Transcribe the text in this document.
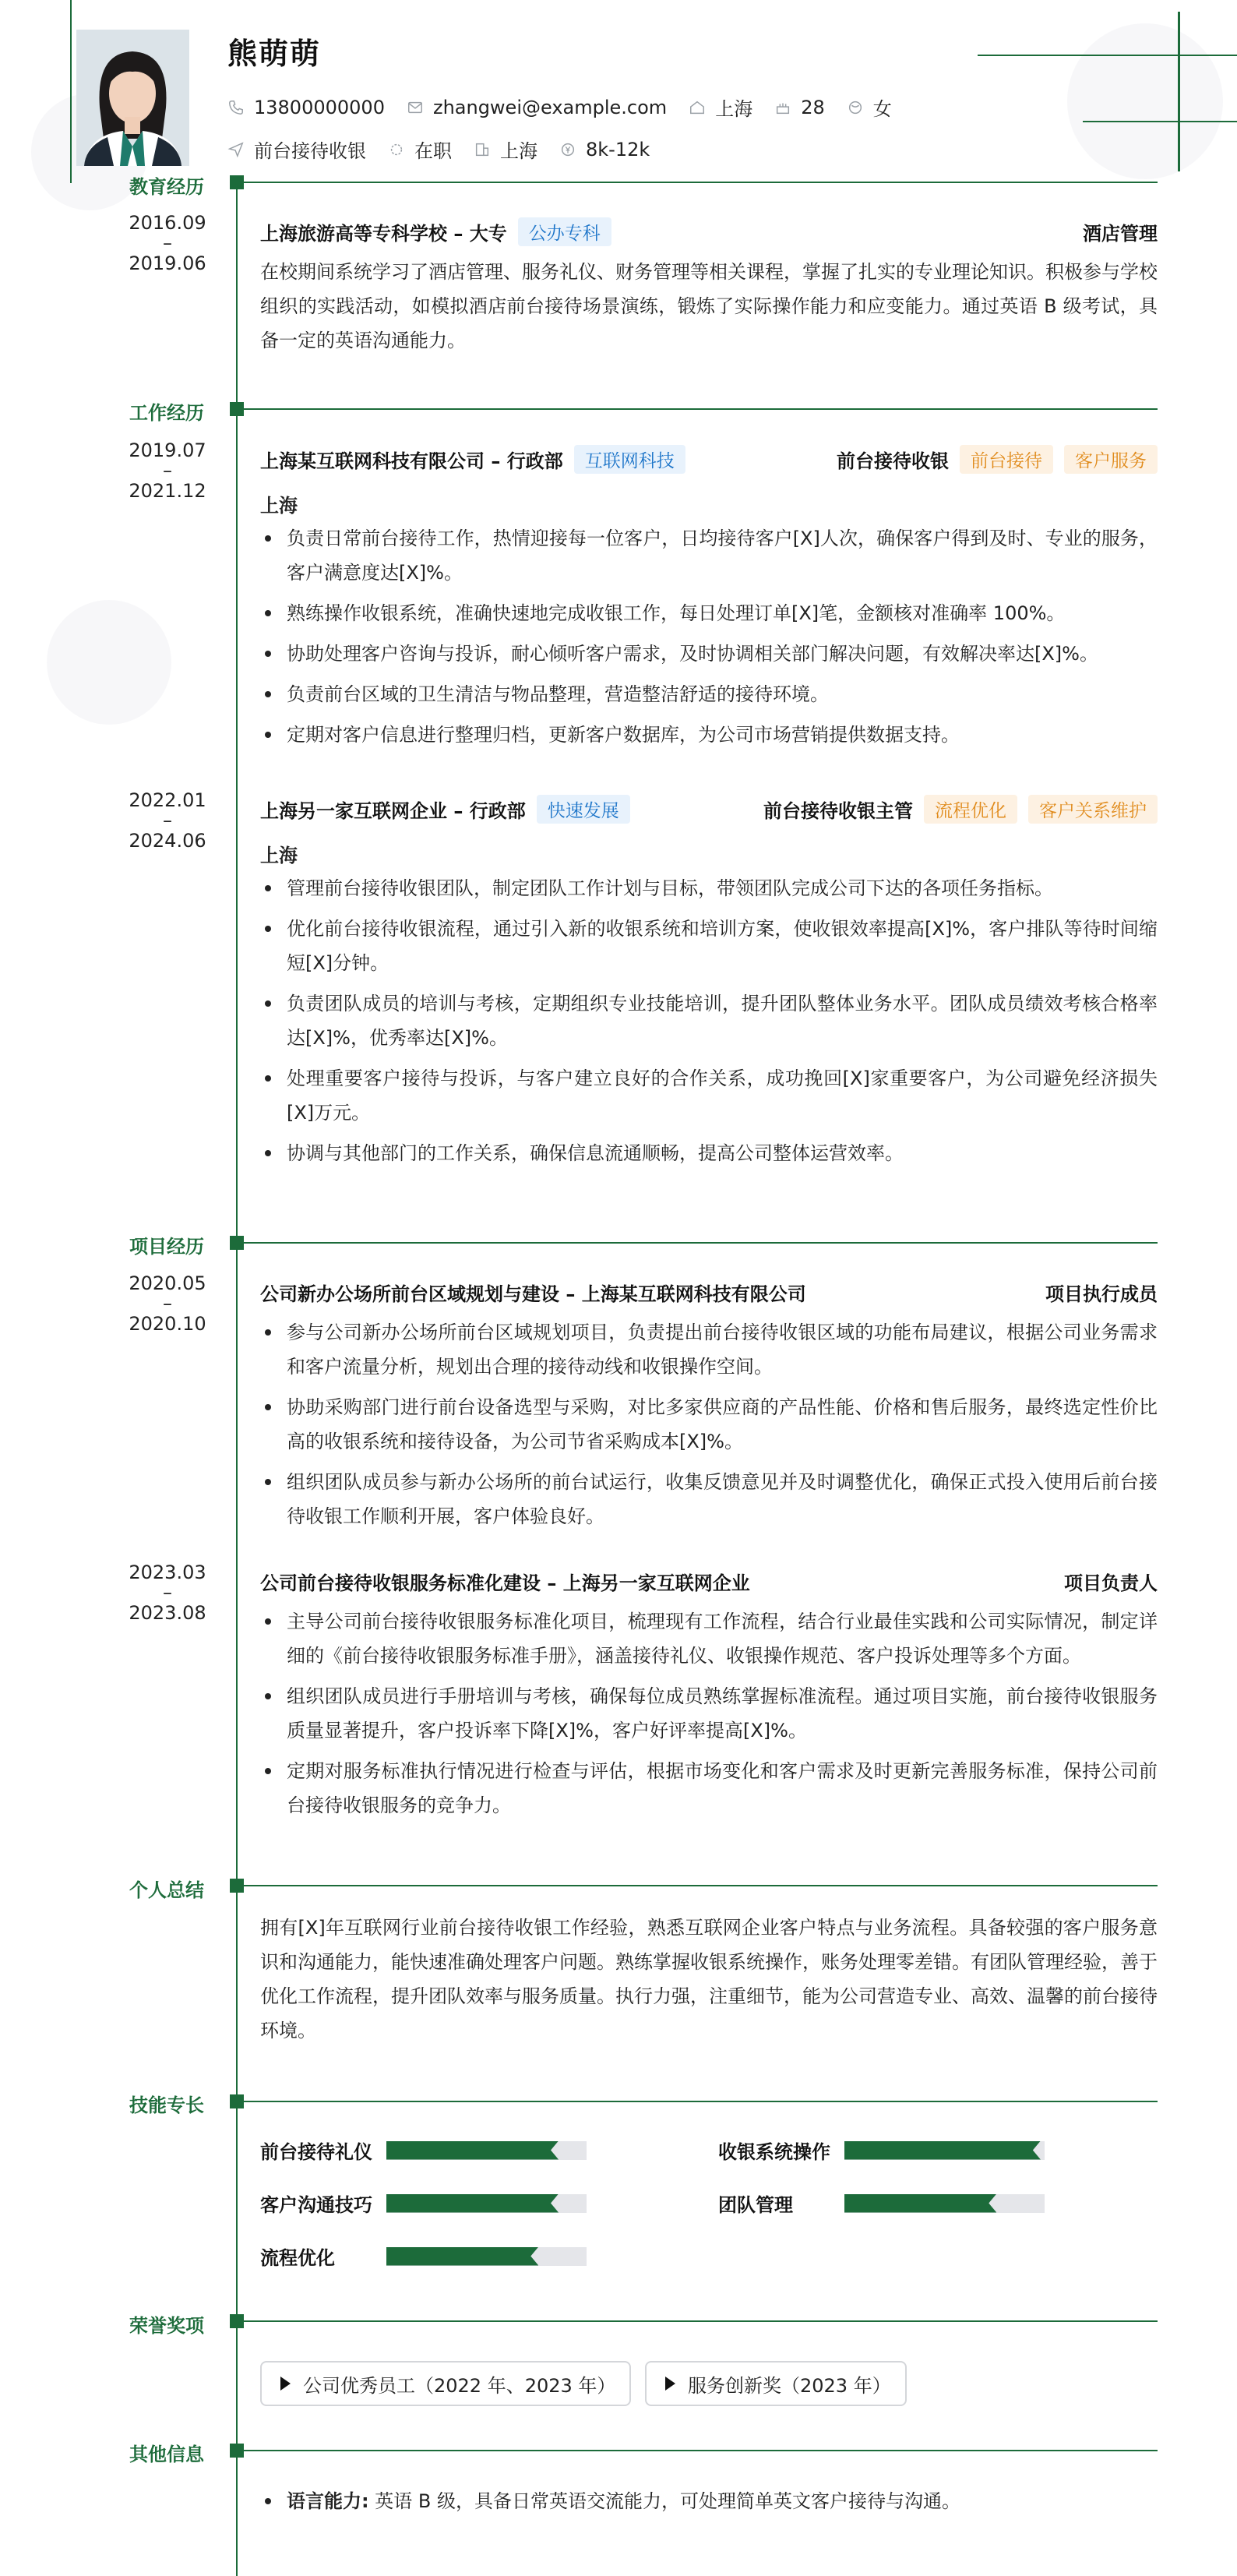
熊萌萌
13800000000	zhangwei@example.com	上海	28	女
前台接待收银	在职	上海	8k-12k
教育经历
2016.09
–
2019.06
上海旅游高等专科学校 – 大专	公办专科	酒店管理
在校期间系统学习了酒店管理、服务礼仪、财务管理等相关课程，掌握了扎实的专业理论知识。积极参与学校组织的实践活动，如模拟酒店前台接待场景演练，锻炼了实际操作能力和应变能力。通过英语 B 级考试，具备一定的英语沟通能力。
工作经历
2019.07
–
2021.12
上海某互联网科技有限公司 – 行政部	互联网科技	前台接待收银	前台接待	客户服务
上海
负责日常前台接待工作，热情迎接每一位客户，日均接待客户[X]人次，确保客户得到及时、专业的服务，客户满意度达[X]%。
熟练操作收银系统，准确快速地完成收银工作，每日处理订单[X]笔，金额核对准确率 100%。
协助处理客户咨询与投诉，耐心倾听客户需求，及时协调相关部门解决问题，有效解决率达[X]%。
负责前台区域的卫生清洁与物品整理，营造整洁舒适的接待环境。
定期对客户信息进行整理归档，更新客户数据库，为公司市场营销提供数据支持。
2022.01
–
2024.06
上海另一家互联网企业 – 行政部	快速发展	前台接待收银主管	流程优化	客户关系维护
上海
管理前台接待收银团队，制定团队工作计划与目标，带领团队完成公司下达的各项任务指标。
优化前台接待收银流程，通过引入新的收银系统和培训方案，使收银效率提高[X]%，客户排队等待时间缩短[X]分钟。
负责团队成员的培训与考核，定期组织专业技能培训，提升团队整体业务水平。团队成员绩效考核合格率达[X]%，优秀率达[X]%。
处理重要客户接待与投诉，与客户建立良好的合作关系，成功挽回[X]家重要客户，为公司避免经济损失[X]万元。
协调与其他部门的工作关系，确保信息流通顺畅，提高公司整体运营效率。
项目经历
2020.05
–
2020.10
公司新办公场所前台区域规划与建设 – 上海某互联网科技有限公司	项目执行成员
参与公司新办公场所前台区域规划项目，负责提出前台接待收银区域的功能布局建议，根据公司业务需求和客户流量分析，规划出合理的接待动线和收银操作空间。
协助采购部门进行前台设备选型与采购，对比多家供应商的产品性能、价格和售后服务，最终选定性价比高的收银系统和接待设备，为公司节省采购成本[X]%。
组织团队成员参与新办公场所的前台试运行，收集反馈意见并及时调整优化，确保正式投入使用后前台接待收银工作顺利开展，客户体验良好。
2023.03
–
2023.08
公司前台接待收银服务标准化建设 – 上海另一家互联网企业	项目负责人
主导公司前台接待收银服务标准化项目，梳理现有工作流程，结合行业最佳实践和公司实际情况，制定详细的《前台接待收银服务标准手册》，涵盖接待礼仪、收银操作规范、客户投诉处理等多个方面。
组织团队成员进行手册培训与考核，确保每位成员熟练掌握标准流程。通过项目实施，前台接待收银服务质量显著提升，客户投诉率下降[X]%，客户好评率提高[X]%。
定期对服务标准执行情况进行检查与评估，根据市场变化和客户需求及时更新完善服务标准，保持公司前台接待收银服务的竞争力。
个人总结
拥有[X]年互联网行业前台接待收银工作经验，熟悉互联网企业客户特点与业务流程。具备较强的客户服务意识和沟通能力，能快速准确处理客户问题。熟练掌握收银系统操作，账务处理零差错。有团队管理经验，善于优化工作流程，提升团队效率与服务质量。执行力强，注重细节，能为公司营造专业、高效、温馨的前台接待环境。
技能专长
前台接待礼仪	收银系统操作
客户沟通技巧	团队管理
流程优化
荣誉奖项
公司优秀员工（2022 年、2023 年）	服务创新奖（2023 年）
其他信息
语言能力: 英语 B 级，具备日常英语交流能力，可处理简单英文客户接待与沟通。
